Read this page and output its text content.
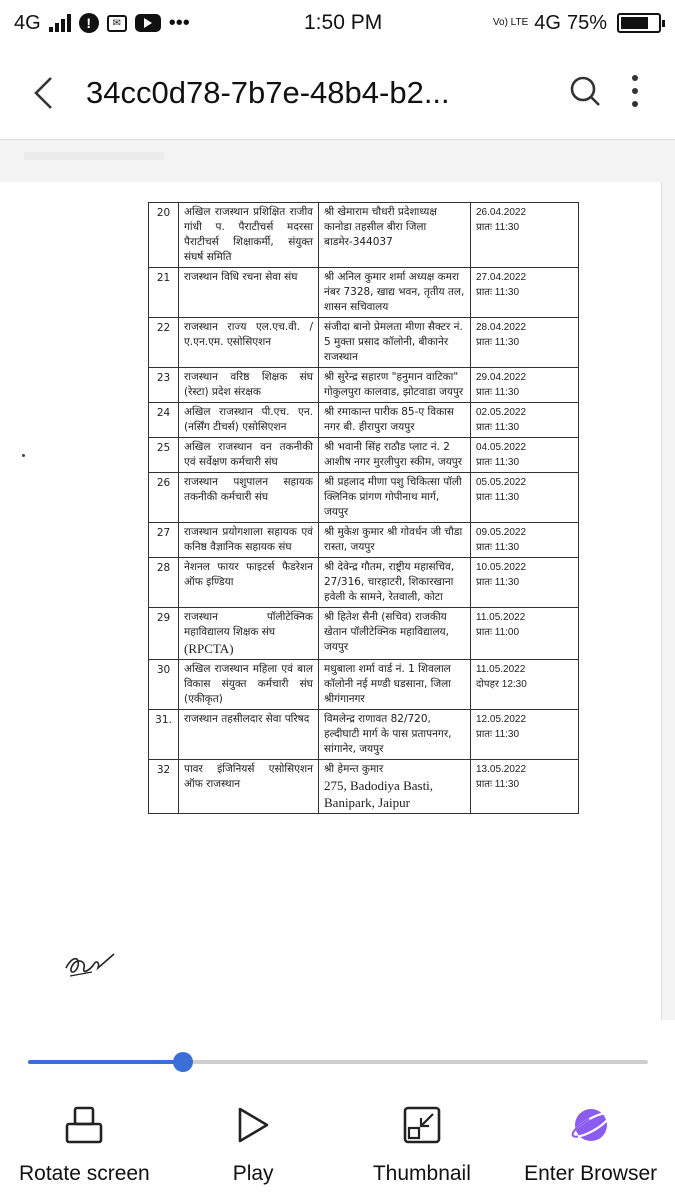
4G	!	✉ •••	1:50 PM	Vo) LTE 4G 75%
34cc0d78-7b7e-48b4-b2...
20	अखिल राजस्थान प्रशिक्षित राजीव गांधी प. पैराटीचर्स मदरसा पैराटीचर्स शिक्षाकर्मी, संयुक्त संघर्ष समिति	श्री खेमाराम चौधरी प्रदेशाध्यक्ष कानोडा तहसील बीरा जिला बाडमेर-344037	26.04.2022
प्रातः 11:30

21	राजस्थान विधि रचना सेवा संघ	श्री अनिल कुमार शर्मा अध्यक्ष कमरा नंबर 7328, खाद्य भवन, तृतीय तल, शासन सचिवालय	27.04.2022
प्रातः 11:30

22	राजस्थान राज्य एल.एच.वी. /ए.एन.एम. एसोसिएशन	संजीदा बानो प्रेमलता मीणा सैक्टर नं. 5 मुक्ता प्रसाद कॉलोनी, बीकानेर राजस्थान	28.04.2022
प्रातः 11:30

23	राजस्थान वरिष्ठ शिक्षक संघ (रेस्टा) प्रदेश संरक्षक	श्री सुरेन्द्र सहारण "हनुमान वाटिका" गोकुलपुरा कालवाड, झोटवाडा जयपुर	29.04.2022
प्रातः 11:30

24	अखिल राजस्थान पी.एच. एन.(नर्सिंग टीचर्स) एसोसिएशन	श्री रमाकान्त पारीक 85-ए विकास नगर बी. हीरापुरा जयपुर	02.05.2022
प्रातः 11:30

25	अखिल राजस्थान वन तकनीकी एवं सर्वेक्षण कर्मचारी संघ	श्री भवानी सिंह राठौड प्लाट नं. 2 आशीष नगर मुरलीपुरा स्कीम, जयपुर	04.05.2022
प्रातः 11:30

26	राजस्थान पशुपालन सहायक तकनीकी कर्मचारी संघ	श्री प्रहलाद मीणा पशु चिकित्सा पॉली क्लिनिक प्रांगण गोपीनाथ मार्ग, जयपुर	05.05.2022
प्रातः 11:30

27	राजस्थान प्रयोगशाला सहायक एवं कनिष्ठ वैज्ञानिक सहायक संघ	श्री मुकेश कुमार श्री गोवर्धन जी चौडा रास्ता, जयपुर	09.05.2022
प्रातः 11:30

28	नेशनल फायर फाइटर्स फैडरेशन ऑफ इण्डिया	श्री देवेन्द्र गौतम, राष्ट्रीय महासचिव, 27/316, चारहाटरी, शिकारखाना हवेली के सामने, रेतवाली, कोटा	10.05.2022
प्रातः 11:30

29	राजस्थान पॉलीटेक्निक महाविद्यालय शिक्षक संघ
(RPCTA)	श्री हितेश सैनी (सचिव) राजकीय खेतान पॉलीटेक्निक महाविद्यालय, जयपुर	11.05.2022
प्रातः 11:00

30	अखिल राजस्थान महिला एवं बाल विकास संयुक्त कर्मचारी संघ (एकीकृत)	मधुबाला शर्मा वार्ड नं. 1 शिवलाल कॉलोनी नई मण्डी घडसाना, जिला श्रीगंगानगर	11.05.2022
दोपहर 12:30

31.	राजस्थान तहसीलदार सेवा परिषद	विमलेन्द्र राणावत 82/720, हल्दीघाटी मार्ग के पास प्रतापनगर, सांगानेर, जयपुर	12.05.2022
प्रातः 11:30

32	पावर इंजिनियर्स एसोसिएशन ऑफ राजस्थान	श्री हेमन्त कुमार
275, Badodiya Basti, Banipark, Jaipur	13.05.2022
प्रातः 11:30
Rotate screen	Play	Thumbnail	Enter Browser
